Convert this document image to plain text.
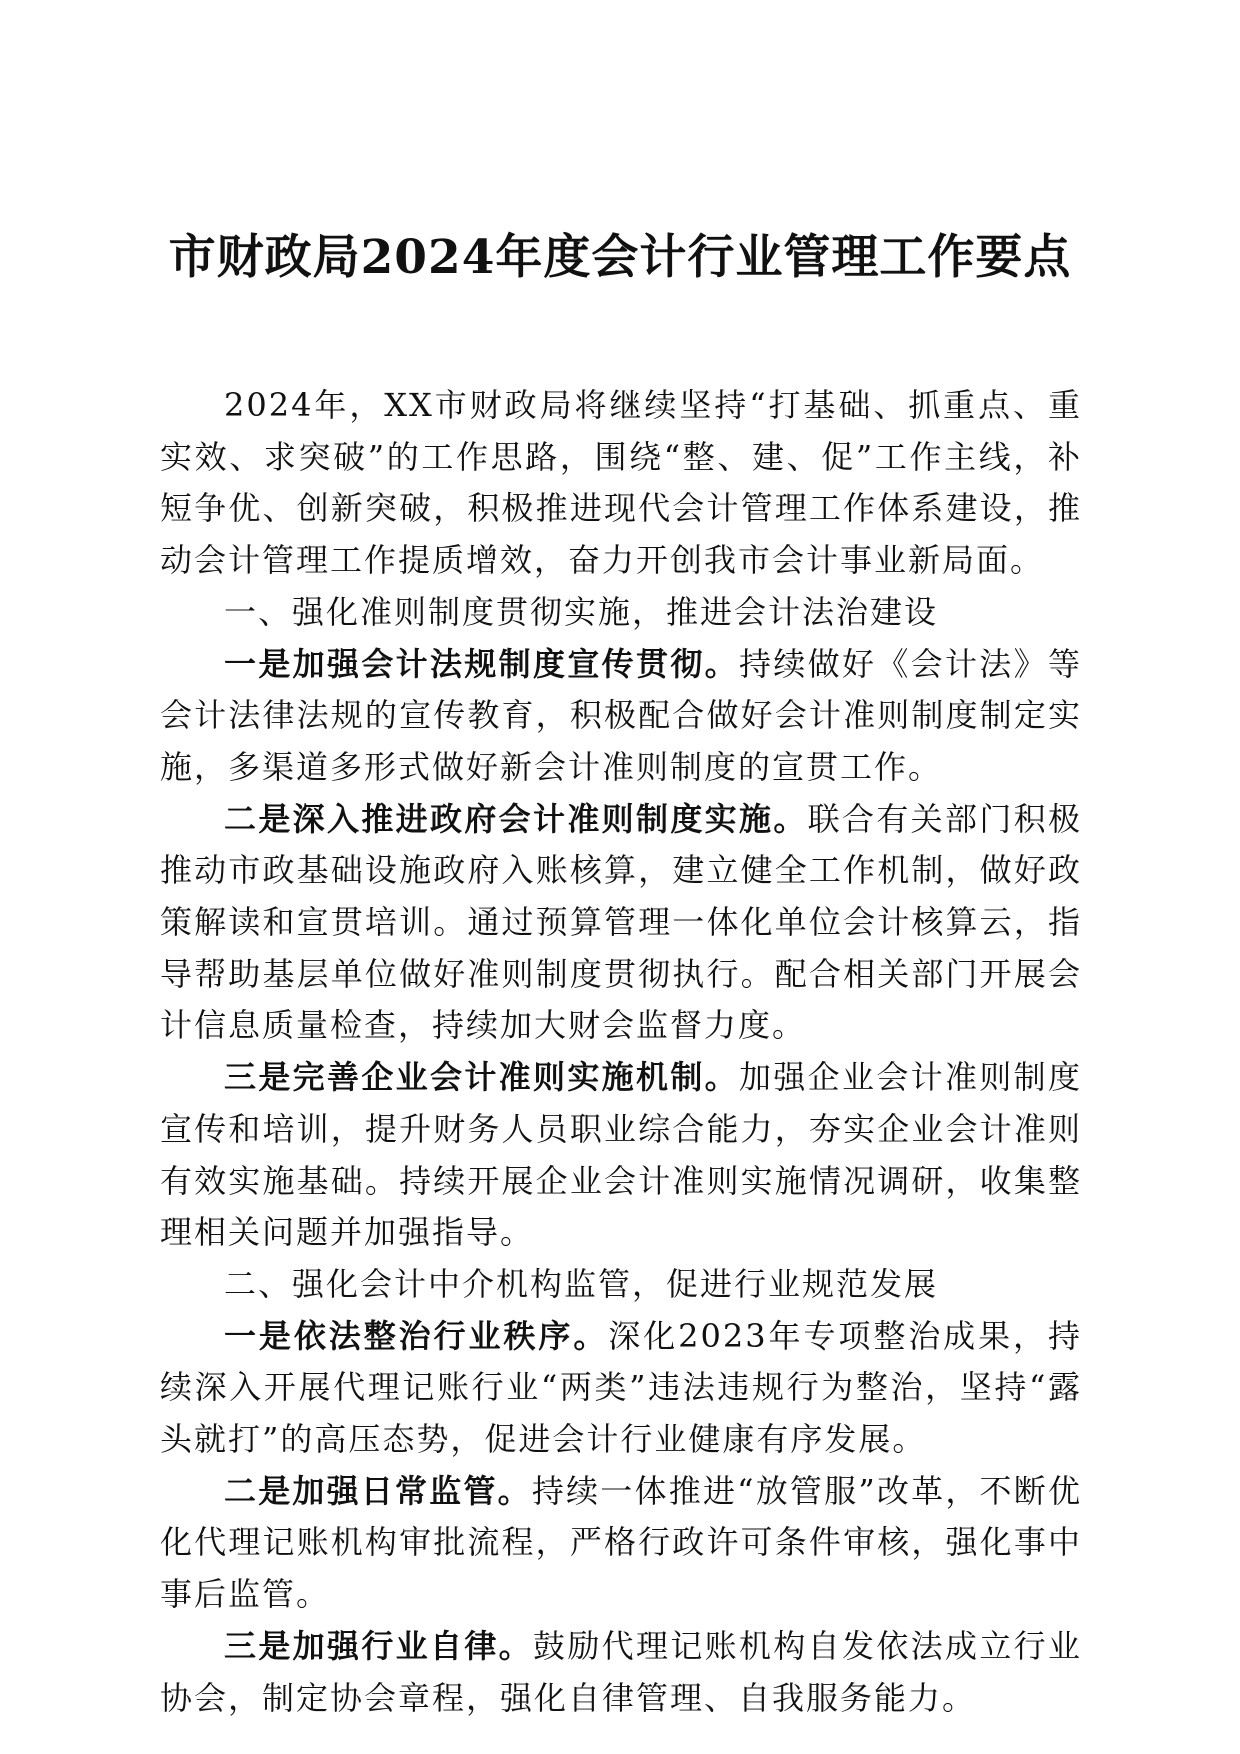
市财政局2024年度会计行业管理工作要点

2024年，XX市财政局将继续坚持“打基础、抓重点、重实效、求突破”的工作思路，围绕“整、建、促”工作主线，补短争优、创新突破，积极推进现代会计管理工作体系建设，推动会计管理工作提质增效，奋力开创我市会计事业新局面。

一、强化准则制度贯彻实施，推进会计法治建设

一是加强会计法规制度宣传贯彻。持续做好《会计法》等会计法律法规的宣传教育，积极配合做好会计准则制度制定实施，多渠道多形式做好新会计准则制度的宣贯工作。

二是深入推进政府会计准则制度实施。联合有关部门积极推动市政基础设施政府入账核算，建立健全工作机制，做好政策解读和宣贯培训。通过预算管理一体化单位会计核算云，指导帮助基层单位做好准则制度贯彻执行。配合相关部门开展会计信息质量检查，持续加大财会监督力度。

三是完善企业会计准则实施机制。加强企业会计准则制度宣传和培训，提升财务人员职业综合能力，夯实企业会计准则有效实施基础。持续开展企业会计准则实施情况调研，收集整理相关问题并加强指导。

二、强化会计中介机构监管，促进行业规范发展

一是依法整治行业秩序。深化2023年专项整治成果，持续深入开展代理记账行业“两类”违法违规行为整治，坚持“露头就打”的高压态势，促进会计行业健康有序发展。

二是加强日常监管。持续一体推进“放管服”改革，不断优化代理记账机构审批流程，严格行政许可条件审核，强化事中事后监管。

三是加强行业自律。鼓励代理记账机构自发依法成立行业协会，制定协会章程，强化自律管理、自我服务能力。
